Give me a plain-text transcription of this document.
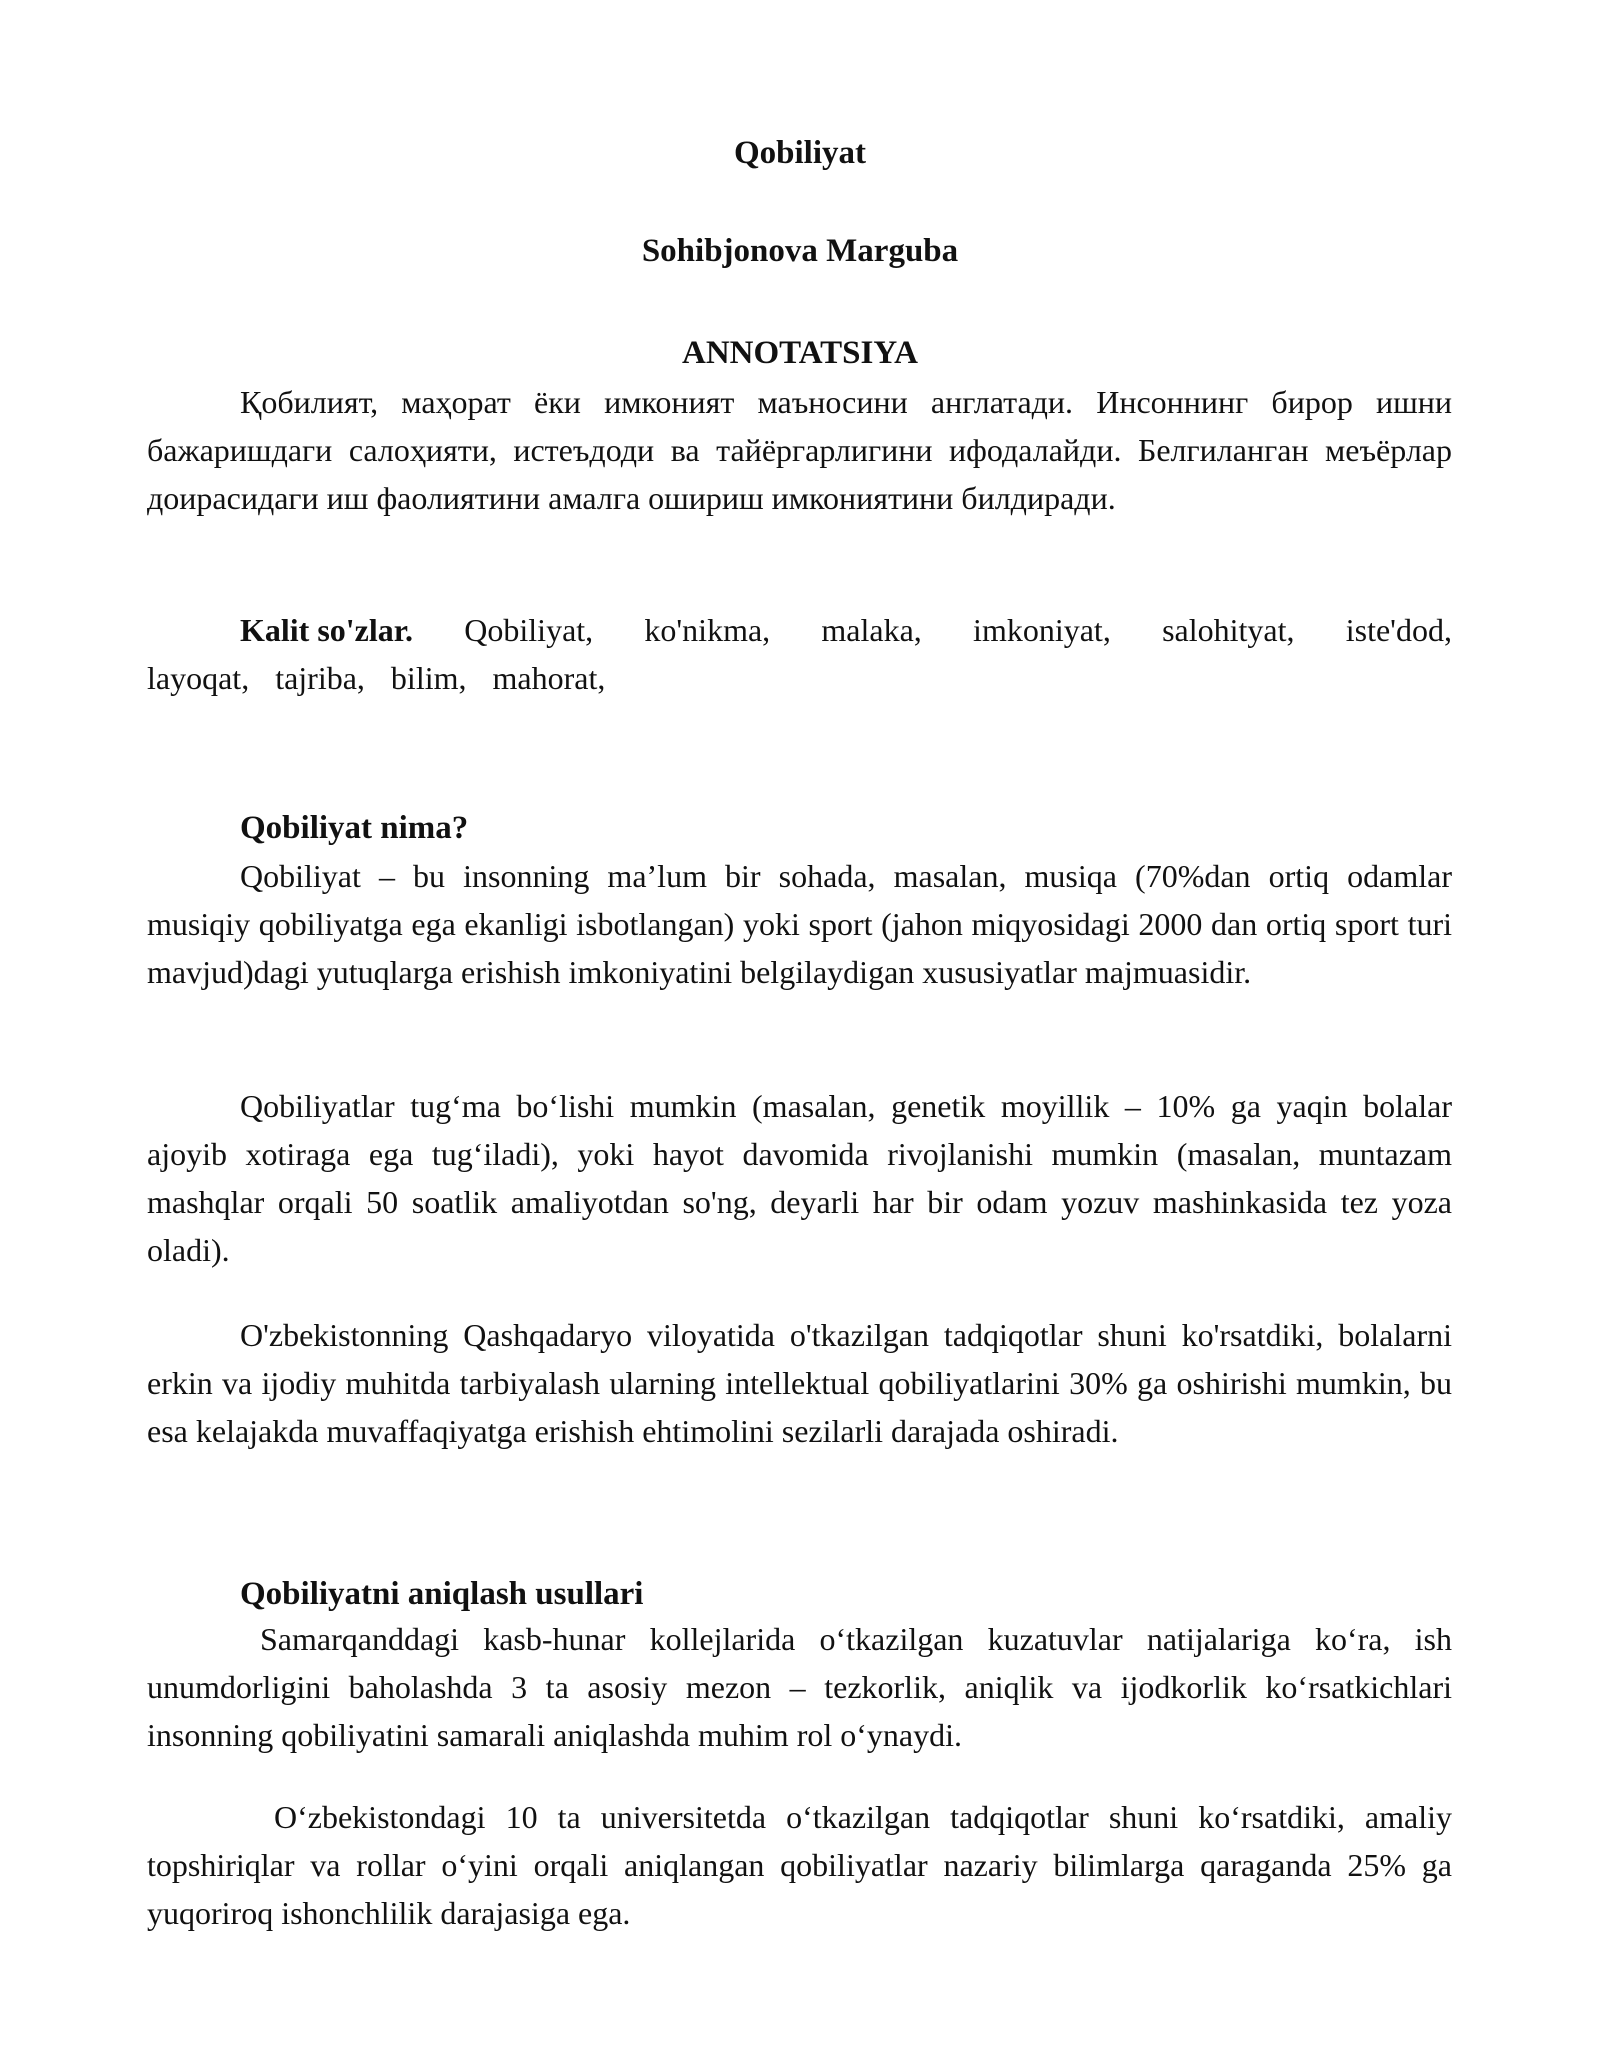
Qobiliyat
Sohibjonova Marguba
ANNOTATSIYA

Қобилият, маҳорат ёки имконият маъносини англатади. Инсоннинг бирор ишни бажаришдаги салоҳияти, истеъдоди ва тайёргарлигини ифодалайди. Белгиланган меъёрлар доирасидаги иш фаолиятини амалга ошириш имкониятини билдиради.

Kalit so'zlar. Qobiliyat, ko'nikma, malaka, imkoniyat, salohityat, iste'dod,
layoqat, tajriba, bilim, mahorat,
Qobiliyat nima?

Qobiliyat – bu insonning ma’lum bir sohada, masalan, musiqa (70%dan ortiq odamlar musiqiy qobiliyatga ega ekanligi isbotlangan) yoki sport (jahon miqyosidagi 2000 dan ortiq sport turi mavjud)dagi yutuqlarga erishish imkoniyatini belgilaydigan xususiyatlar majmuasidir.

Qobiliyatlar tug‘ma bo‘lishi mumkin (masalan, genetik moyillik – 10% ga yaqin bolalar ajoyib xotiraga ega tug‘iladi), yoki hayot davomida rivojlanishi mumkin (masalan, muntazam mashqlar orqali 50 soatlik amaliyotdan so'ng, deyarli har bir odam yozuv mashinkasida tez yoza oladi).

O'zbekistonning Qashqadaryo viloyatida o'tkazilgan tadqiqotlar shuni ko'rsatdiki, bolalarni erkin va ijodiy muhitda tarbiyalash ularning intellektual qobiliyatlarini 30% ga oshirishi mumkin, bu esa kelajakda muvaffaqiyatga erishish ehtimolini sezilarli darajada oshiradi.

Qobiliyatni aniqlash usullari

Samarqanddagi kasb-hunar kollejlarida o‘tkazilgan kuzatuvlar natijalariga ko‘ra, ish unumdorligini baholashda 3 ta asosiy mezon – tezkorlik, aniqlik va ijodkorlik ko‘rsatkichlari insonning qobiliyatini samarali aniqlashda muhim rol o‘ynaydi.

O‘zbekistondagi 10 ta universitetda o‘tkazilgan tadqiqotlar shuni ko‘rsatdiki, amaliy topshiriqlar va rollar o‘yini orqali aniqlangan qobiliyatlar nazariy bilimlarga qaraganda 25% ga yuqoriroq ishonchlilik darajasiga ega.
